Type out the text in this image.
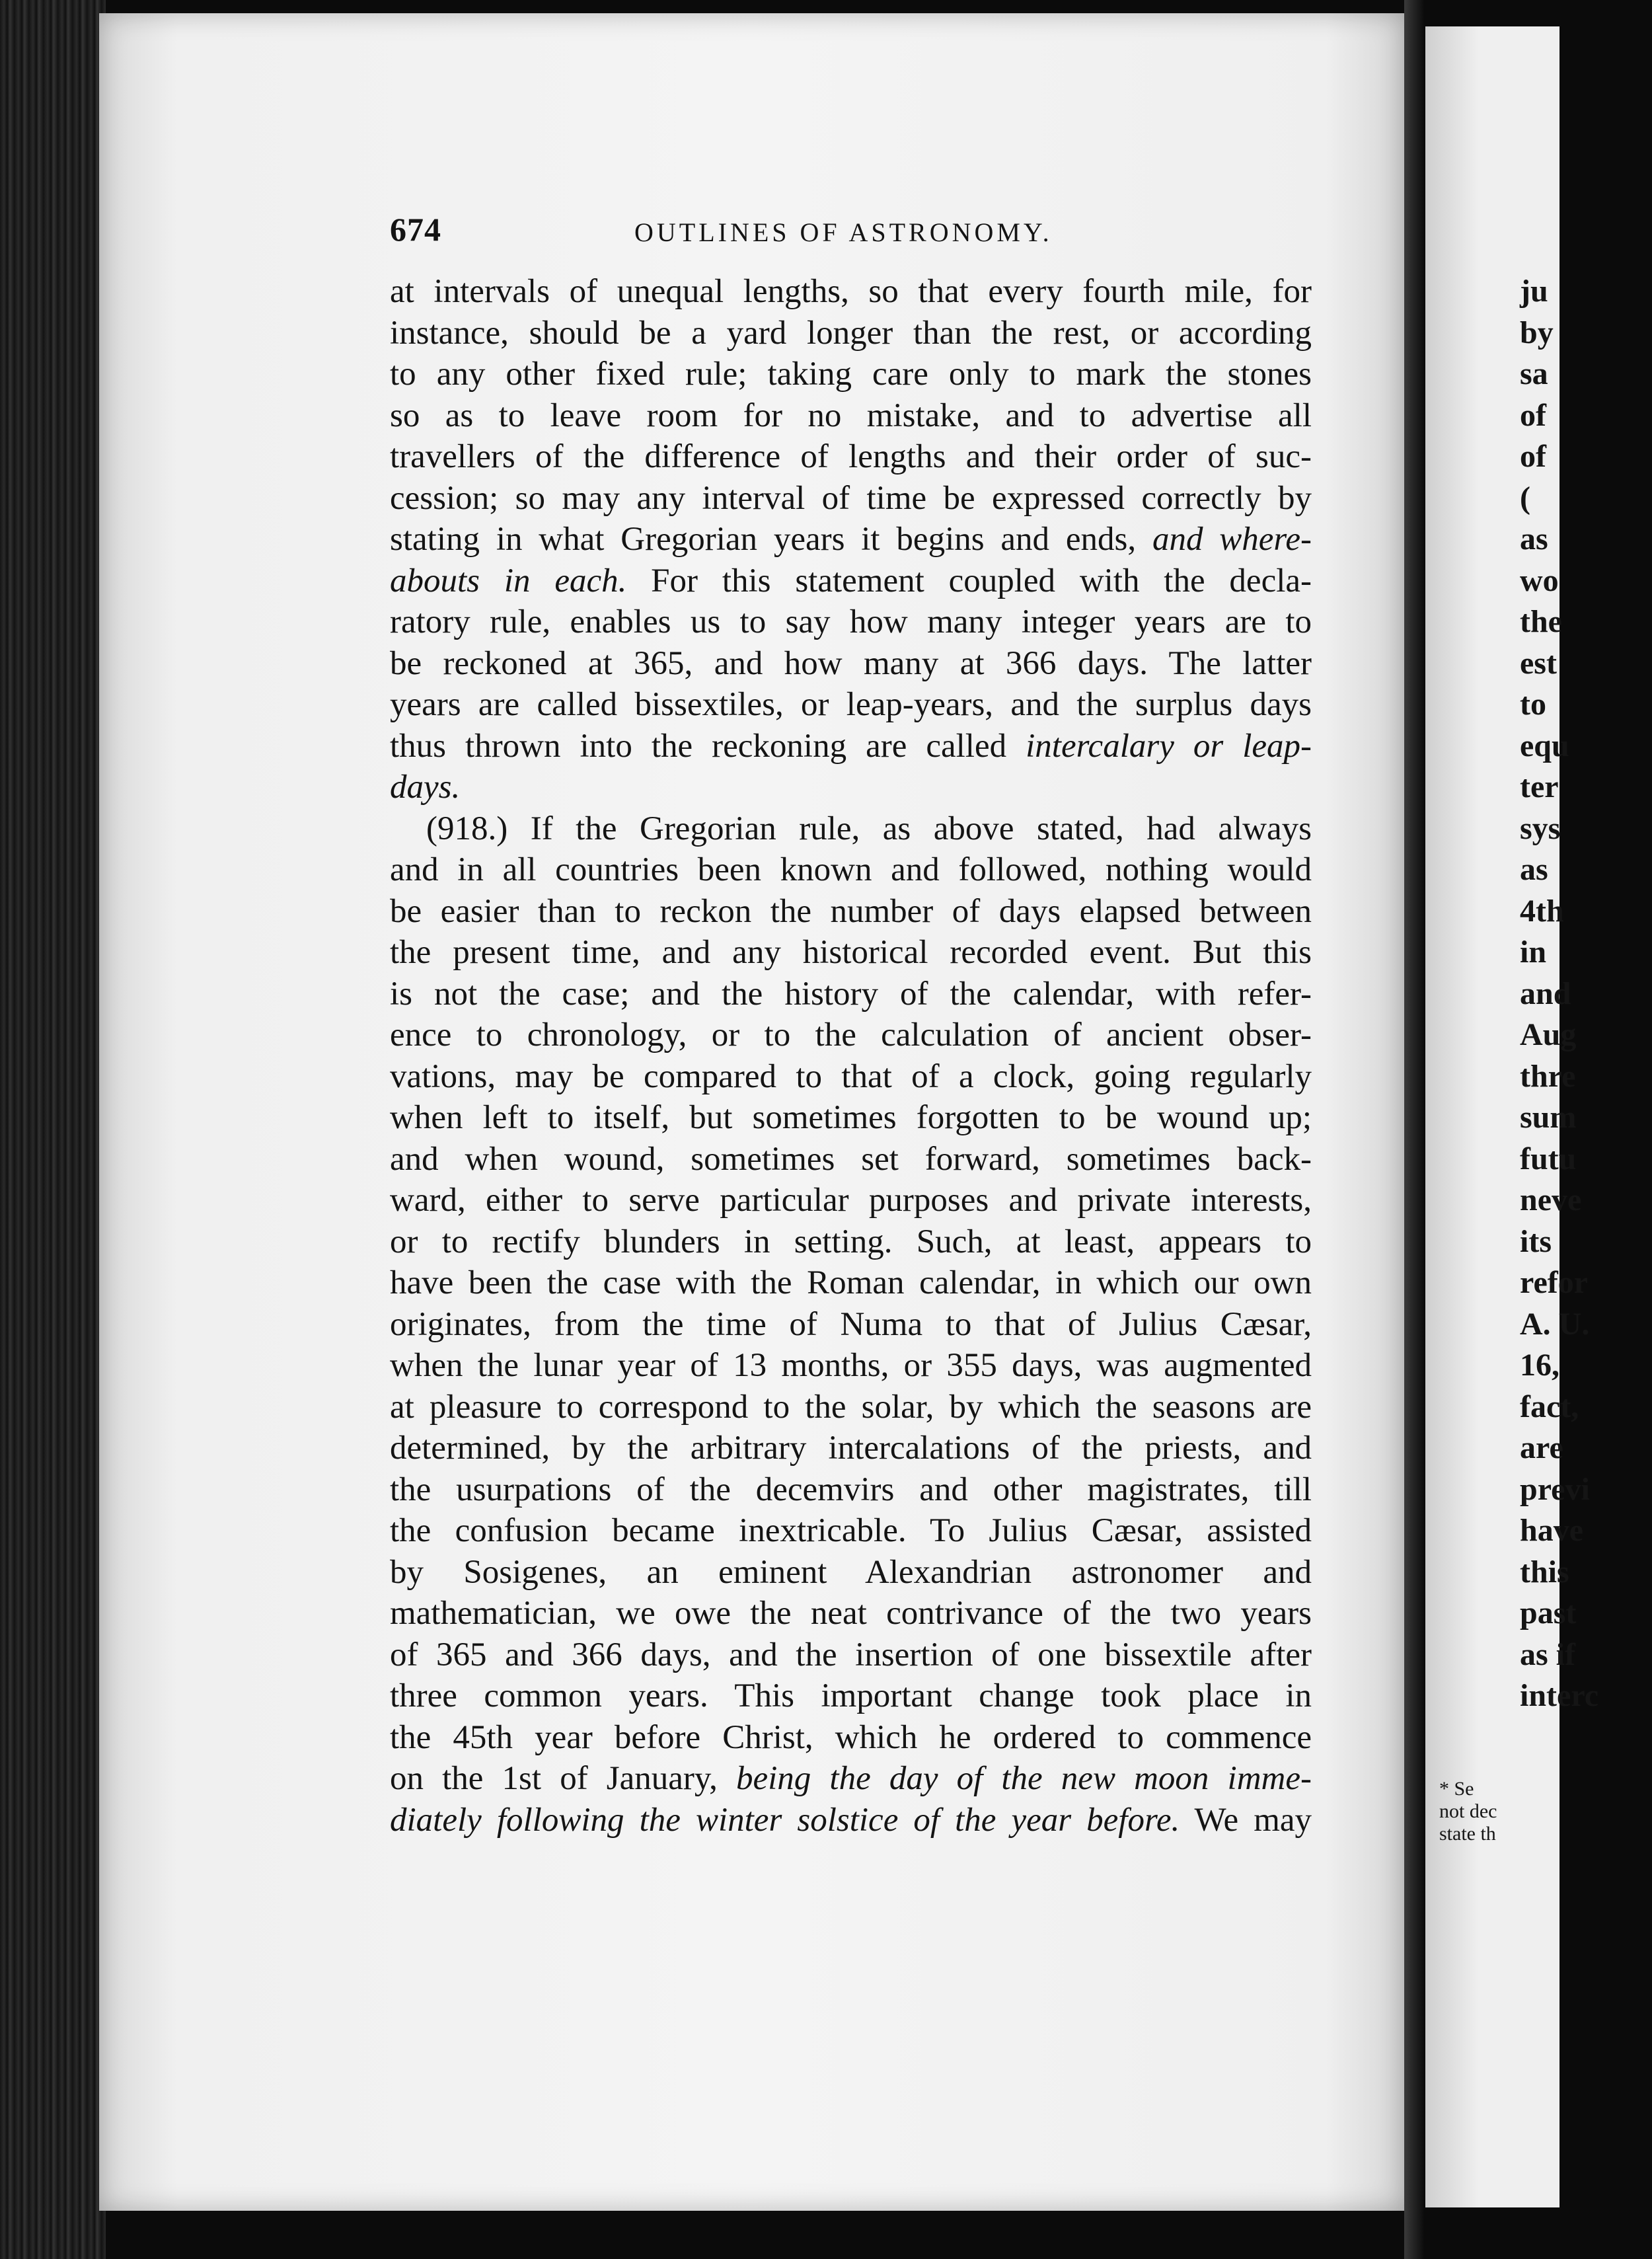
674	OUTLINES OF ASTRONOMY.
at intervals of unequal lengths, so that every fourth mile, for
instance, should be a yard longer than the rest, or according
to any other fixed rule; taking care only to mark the stones
so as to leave room for no mistake, and to advertise all
travellers of the difference of lengths and their order of suc-
cession; so may any interval of time be expressed correctly by
stating in what Gregorian years it begins and ends, and where-
abouts in each. For this statement coupled with the decla-
ratory rule, enables us to say how many integer years are to
be reckoned at 365, and how many at 366 days. The latter
years are called bissextiles, or leap-years, and the surplus days
thus thrown into the reckoning are called intercalary or leap-
days.
(918.) If the Gregorian rule, as above stated, had always
and in all countries been known and followed, nothing would
be easier than to reckon the number of days elapsed between
the present time, and any historical recorded event. But this
is not the case; and the history of the calendar, with refer-
ence to chronology, or to the calculation of ancient obser-
vations, may be compared to that of a clock, going regularly
when left to itself, but sometimes forgotten to be wound up;
and when wound, sometimes set forward, sometimes back-
ward, either to serve particular purposes and private interests,
or to rectify blunders in setting. Such, at least, appears to
have been the case with the Roman calendar, in which our own
originates, from the time of Numa to that of Julius Cæsar,
when the lunar year of 13 months, or 355 days, was augmented
at pleasure to correspond to the solar, by which the seasons are
determined, by the arbitrary intercalations of the priests, and
the usurpations of the decemvirs and other magistrates, till
the confusion became inextricable. To Julius Cæsar, assisted
by Sosigenes, an eminent Alexandrian astronomer and
mathematician, we owe the neat contrivance of the two years
of 365 and 366 days, and the insertion of one bissextile after
three common years. This important change took place in
the 45th year before Christ, which he ordered to commence
on the 1st of January, being the day of the new moon imme-
diately following the winter solstice of the year before. We may
ju
by
sa
of
of
(
as
wo
the
est
to
equ
ter
sys
as
4th
in
and
Aug
thre
sum
futu
neve
its
refor
A. U.
16,
fact,
are
previ
have
this
past
as if
interc
* Se
not dec
state th
